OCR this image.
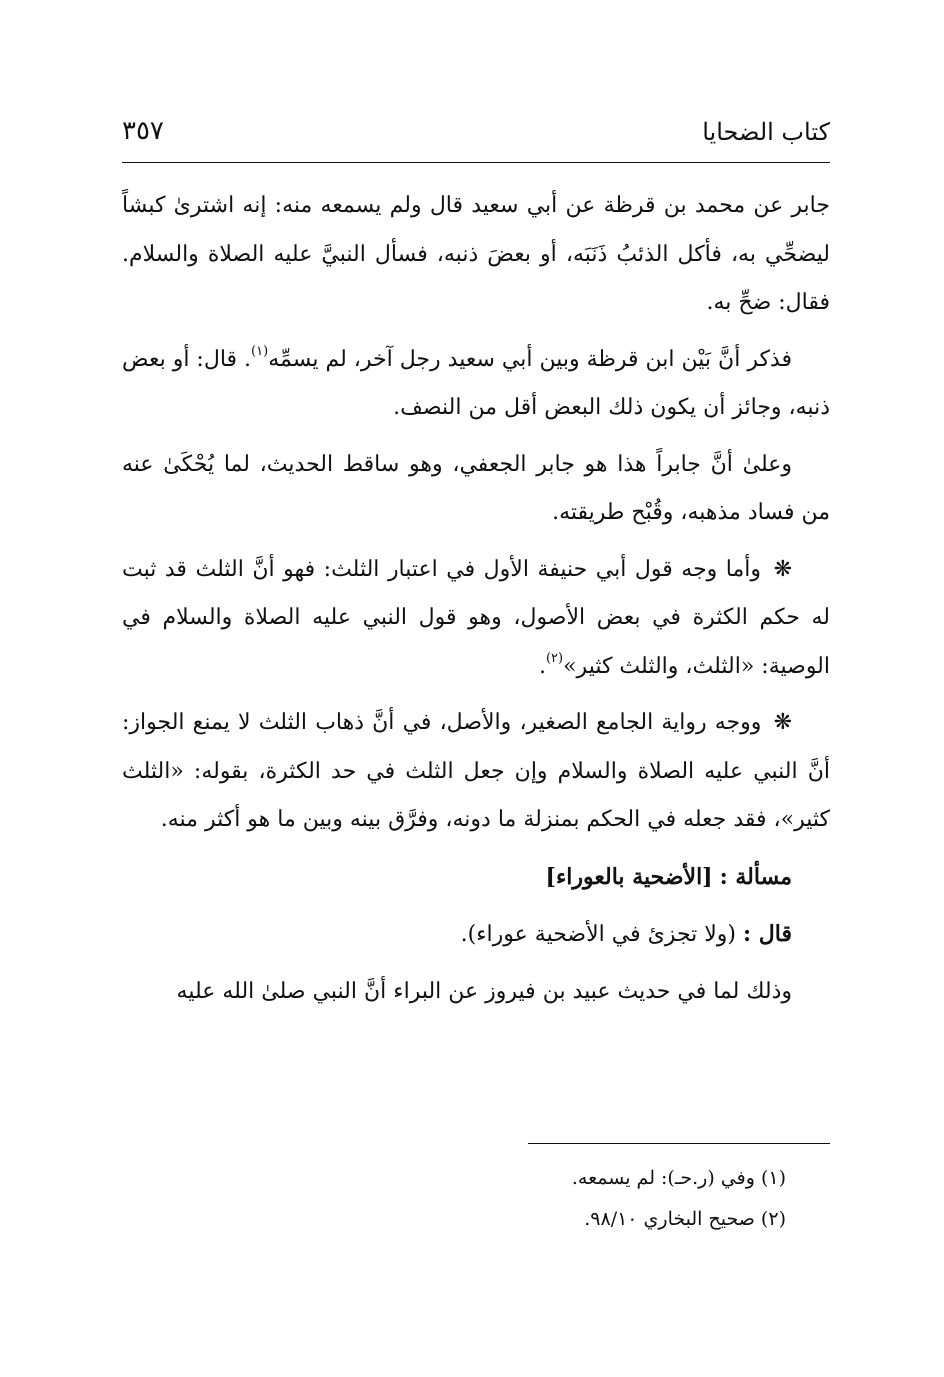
كتاب الضحايا
٣٥٧

جابر عن محمد بن قرظة عن أبي سعيد قال ولم يسمعه منه: إنه اشترىٰ كبشاً ليضحِّي به، فأكل الذئبُ ذَنَبَه، أو بعضَ ذنبه، فسأل النبيَّ عليه الصلاة والسلام. فقال: ضحِّ به.

فذكر أنَّ بَيْن ابن قرظة وبين أبي سعيد رجل آخر، لم يسمِّه$^{(١)}$. قال: أو بعض ذنبه، وجائز أن يكون ذلك البعض أقل من النصف.

وعلىٰ أنَّ جابراً هذا هو جابر الجعفي، وهو ساقط الحديث، لما يُحْكَىٰ عنه من فساد مذهبه، وقُبْح طريقته.

❋ وأما وجه قول أبي حنيفة الأول في اعتبار الثلث: فهو أنَّ الثلث قد ثبت له حكم الكثرة في بعض الأصول، وهو قول النبي عليه الصلاة والسلام في الوصية: «الثلث، والثلث كثير»$^{(٢)}$.

❋ ووجه رواية الجامع الصغير، والأصل، في أنَّ ذهاب الثلث لا يمنع الجواز: أنَّ النبي عليه الصلاة والسلام وإن جعل الثلث في حد الكثرة، بقوله: «الثلث كثير»، فقد جعله في الحكم بمنزلة ما دونه، وفرَّق بينه وبين ما هو أكثر منه.

مسألة : [الأضحية بالعوراء]

قال : (ولا تجزئ في الأضحية عوراء).

وذلك لما في حديث عبيد بن فيروز عن البراء أنَّ النبي صلىٰ الله عليه

(١) وفي (ر.حـ): لم يسمعه.

(٢) صحيح البخاري ٩٨/١٠.
